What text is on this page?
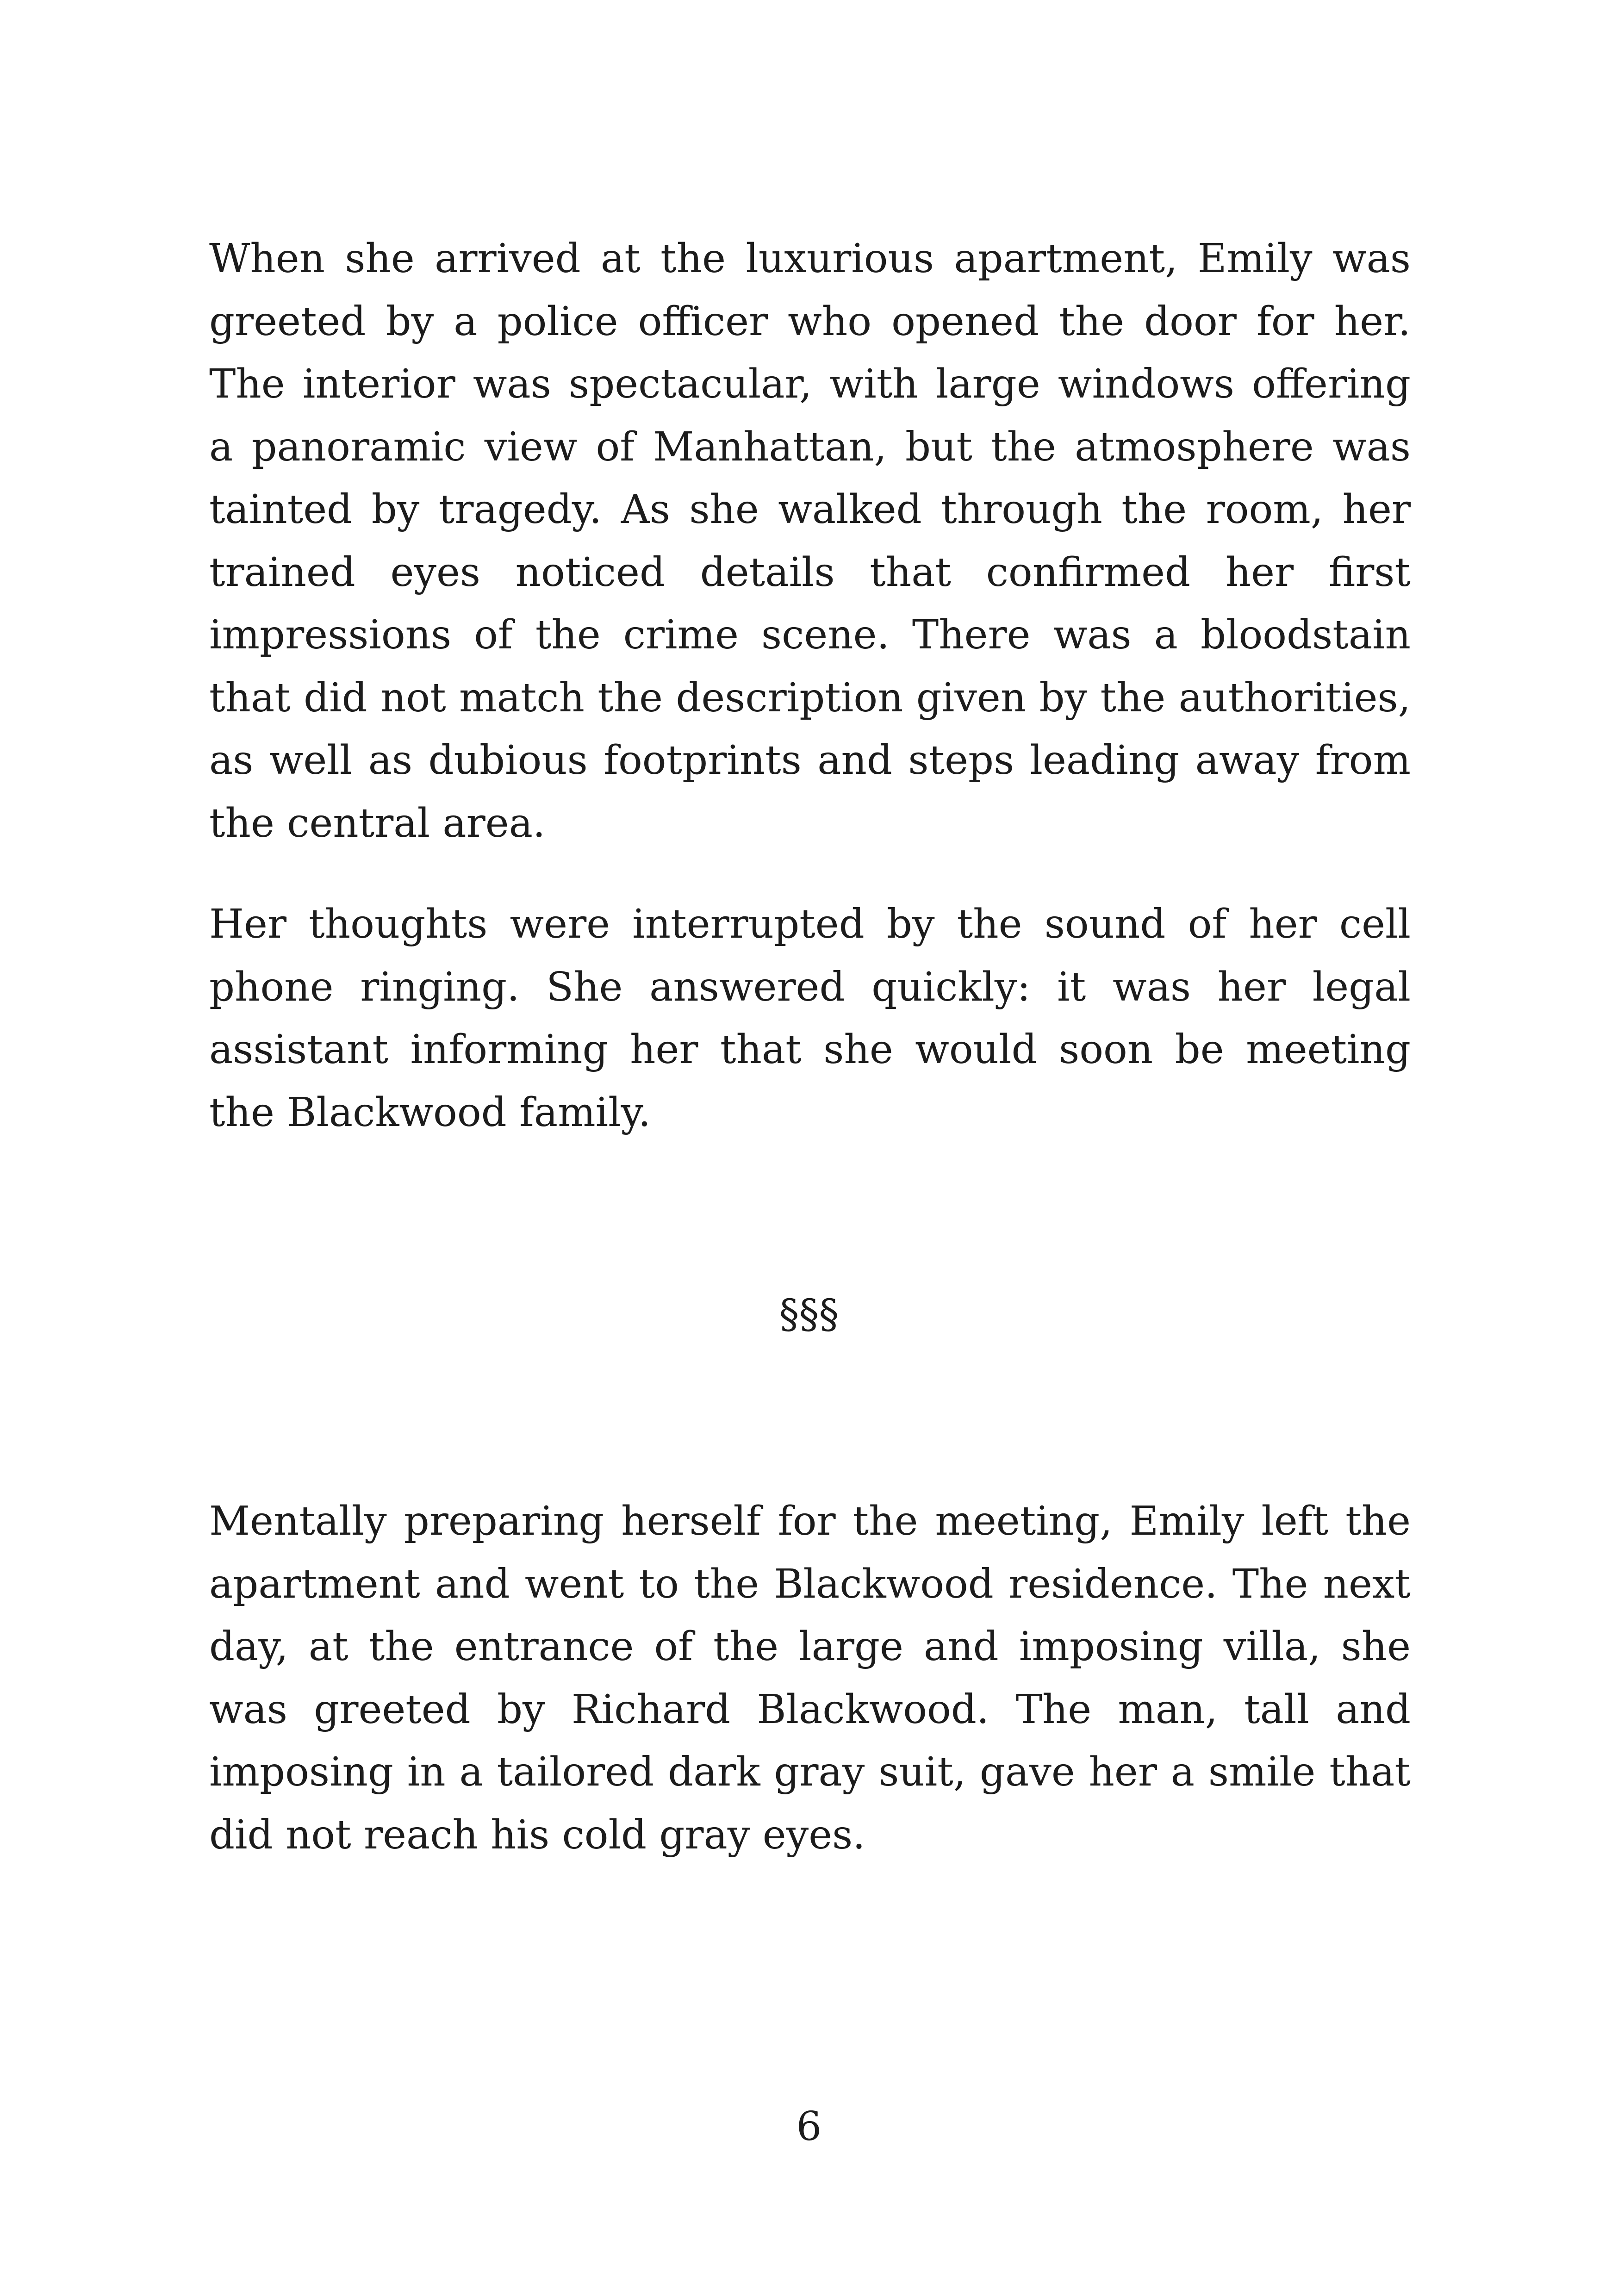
When she arrived at the luxurious apartment, Emily was greeted by a police officer who opened the door for her. The interior was spectacular, with large windows offering a panoramic view of Manhattan, but the atmosphere was tainted by tragedy. As she walked through the room, her trained eyes noticed details that confirmed her first impressions of the crime scene. There was a bloodstain that did not match the description given by the authorities, as well as dubious footprints and steps leading away from the central area.

Her thoughts were interrupted by the sound of her cell phone ringing. She answered quickly: it was her legal assistant informing her that she would soon be meeting the Blackwood family.

§§§

Mentally preparing herself for the meeting, Emily left the apartment and went to the Blackwood residence. The next day, at the entrance of the large and imposing villa, she was greeted by Richard Blackwood. The man, tall and imposing in a tailored dark gray suit, gave her a smile that did not reach his cold gray eyes.

6
